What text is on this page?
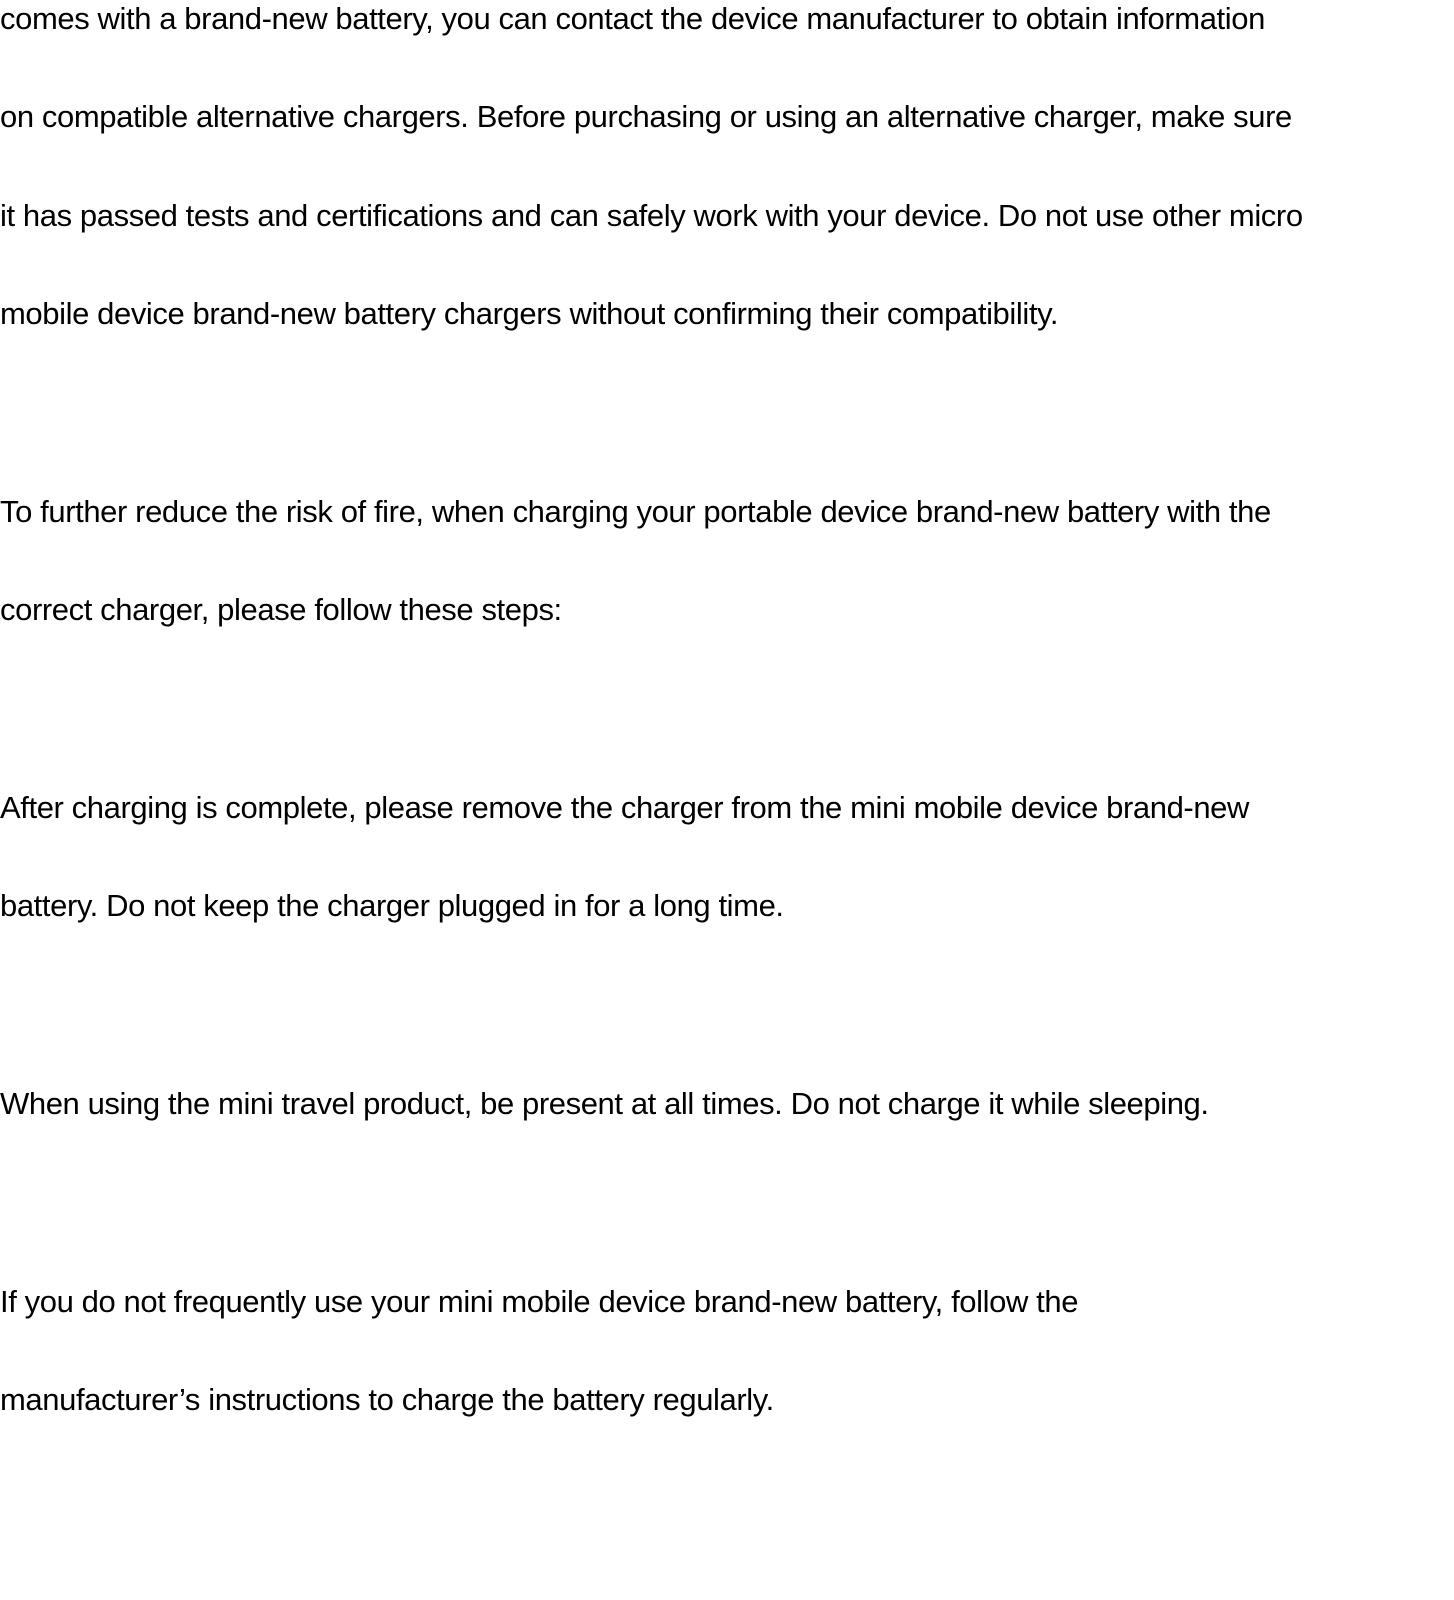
comes with a brand-new battery, you can contact the device manufacturer to obtain information

on compatible alternative chargers. Before purchasing or using an alternative charger, make sure

it has passed tests and certifications and can safely work with your device. Do not use other micro

mobile device brand-new battery chargers without confirming their compatibility.

To further reduce the risk of fire, when charging your portable device brand-new battery with the

correct charger, please follow these steps:

After charging is complete, please remove the charger from the mini mobile device brand-new

battery. Do not keep the charger plugged in for a long time.

When using the mini travel product, be present at all times. Do not charge it while sleeping.

If you do not frequently use your mini mobile device brand-new battery, follow the

manufacturer’s instructions to charge the battery regularly.
